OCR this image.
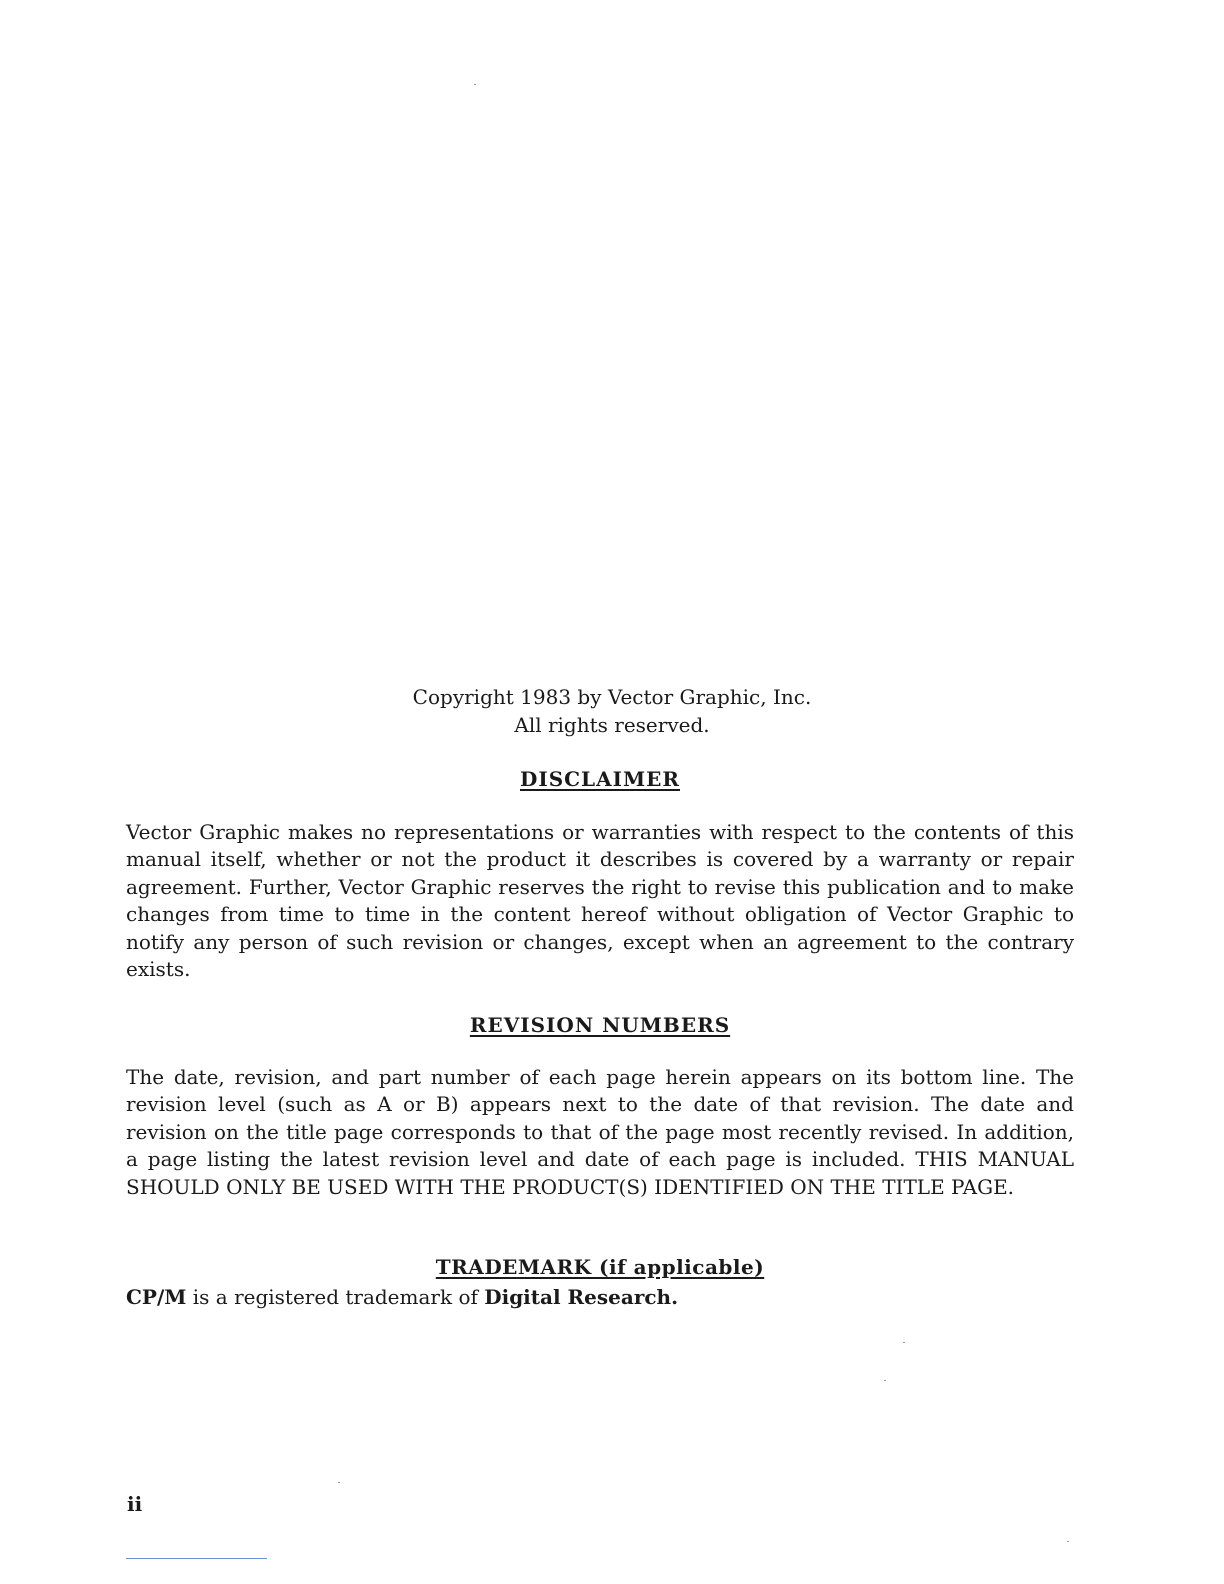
Copyright 1983 by Vector Graphic, Inc.
All rights reserved.
DISCLAIMER
Vector Graphic makes no representations or warranties with respect to the contents of this manual itself, whether or not the product it describes is covered by a warranty or repair agreement. Further, Vector Graphic reserves the right to revise this publication and to make changes from time to time in the content hereof without obligation of Vector Graphic to notify any person of such revision or changes, except when an agreement to the contrary exists.
REVISION NUMBERS
The date, revision, and part number of each page herein appears on its bottom line. The revision level (such as A or B) appears next to the date of that revision. The date and revision on the title page corresponds to that of the page most recently revised. In addition, a page listing the latest revision level and date of each page is included. THIS MANUAL SHOULD ONLY BE USED WITH THE PRODUCT(S) IDENTIFIED ON THE TITLE PAGE.
TRADEMARK (if applicable)
CP/M is a registered trademark of Digital Research.
ii
